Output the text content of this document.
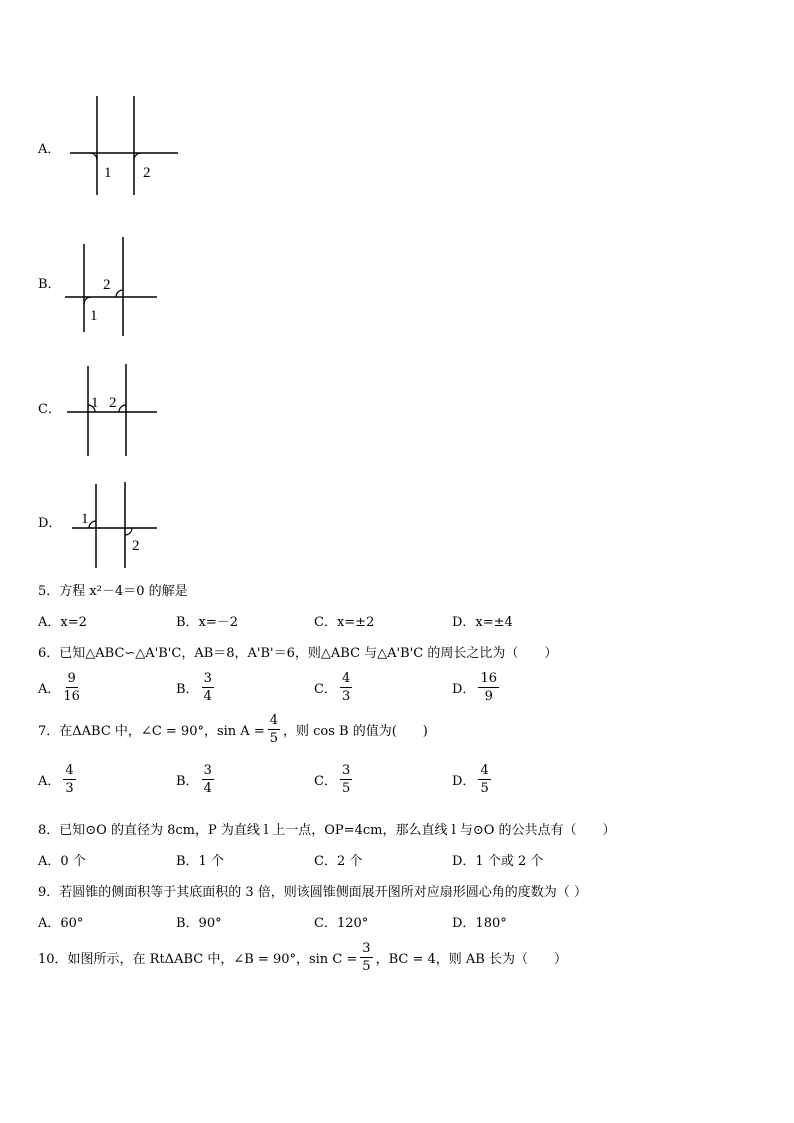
A．
1 2
B．
1
2
C． 1 2
D． 1
2
5．方程 x²－4＝0 的解是
A．x=2	B．x=－2	C．x=±2	D．x=±4
6．已知△ABC∽△A'B'C，AB＝8，A'B'＝6，则△ABC 与△A'B'C 的周长之比为（　　）
A． $\frac{9}{16}$	B． $\frac{3}{4}$	C． $\frac{4}{3}$	D． $\frac{16}{9}$
7．在ΔABC 中，∠C = 90°，$\sin A = \frac{4}{5}$ ，则 cos B 的值为(　　)
A． $\frac{4}{3}$	B． $\frac{3}{4}$	C． $\frac{3}{5}$	D． $\frac{4}{5}$
8．已知⊙O 的直径为 8cm，P 为直线 l 上一点，OP=4cm，那么直线 l 与⊙O 的公共点有（　　）
A．0 个	B．1 个	C．2 个	D．1 个或 2 个
9．若圆锥的侧面积等于其底面积的 3 倍，则该圆锥侧面展开图所对应扇形圆心角的度数为（ ）
A．60°	B．90°	C．120°	D．180°
10．如图所示，在 RtΔABC 中，∠B = 90°，$\sin C = \frac{3}{5}$ ，BC = 4，则 AB 长为（　　）
